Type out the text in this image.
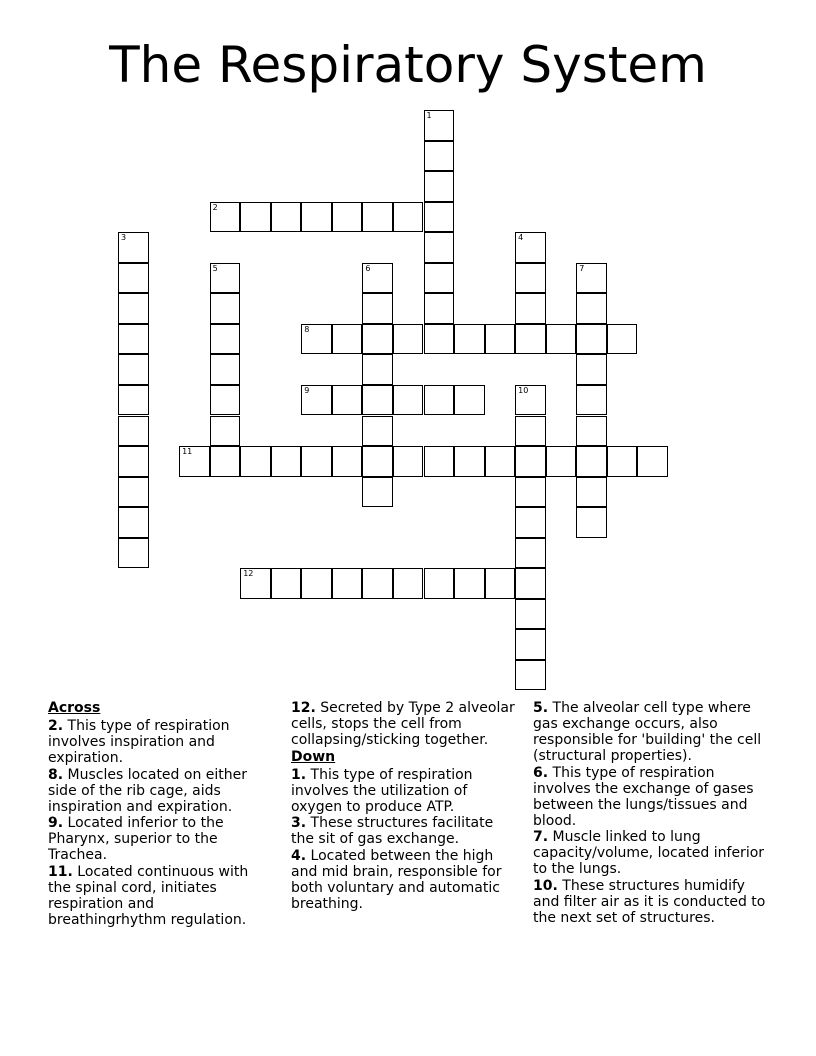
The Respiratory System
2
8
9
11
12
1
3	4
5	6	7
10
Across
2. This type of respiration involves inspiration and expiration.
8. Muscles located on either side of the rib cage, aids inspiration and expiration.
9. Located inferior to the Pharynx, superior to the Trachea.
11. Located continuous with the spinal cord, initiates respiration and breathingrhythm regulation.
12. Secreted by Type 2 alveolar cells, stops the cell from collapsing/sticking together.
Down
1. This type of respiration involves the utilization of oxygen to produce ATP.
3. These structures facilitate the sit of gas exchange.
4. Located between the high and mid brain, responsible for both voluntary and automatic breathing.
5. The alveolar cell type where gas exchange occurs, also responsible for 'building' the cell (structural properties).
6. This type of respiration involves the exchange of gases between the lungs/tissues and blood.
7. Muscle linked to lung capacity/volume, located inferior to the lungs.
10. These structures humidify and filter air as it is conducted to the next set of structures.
